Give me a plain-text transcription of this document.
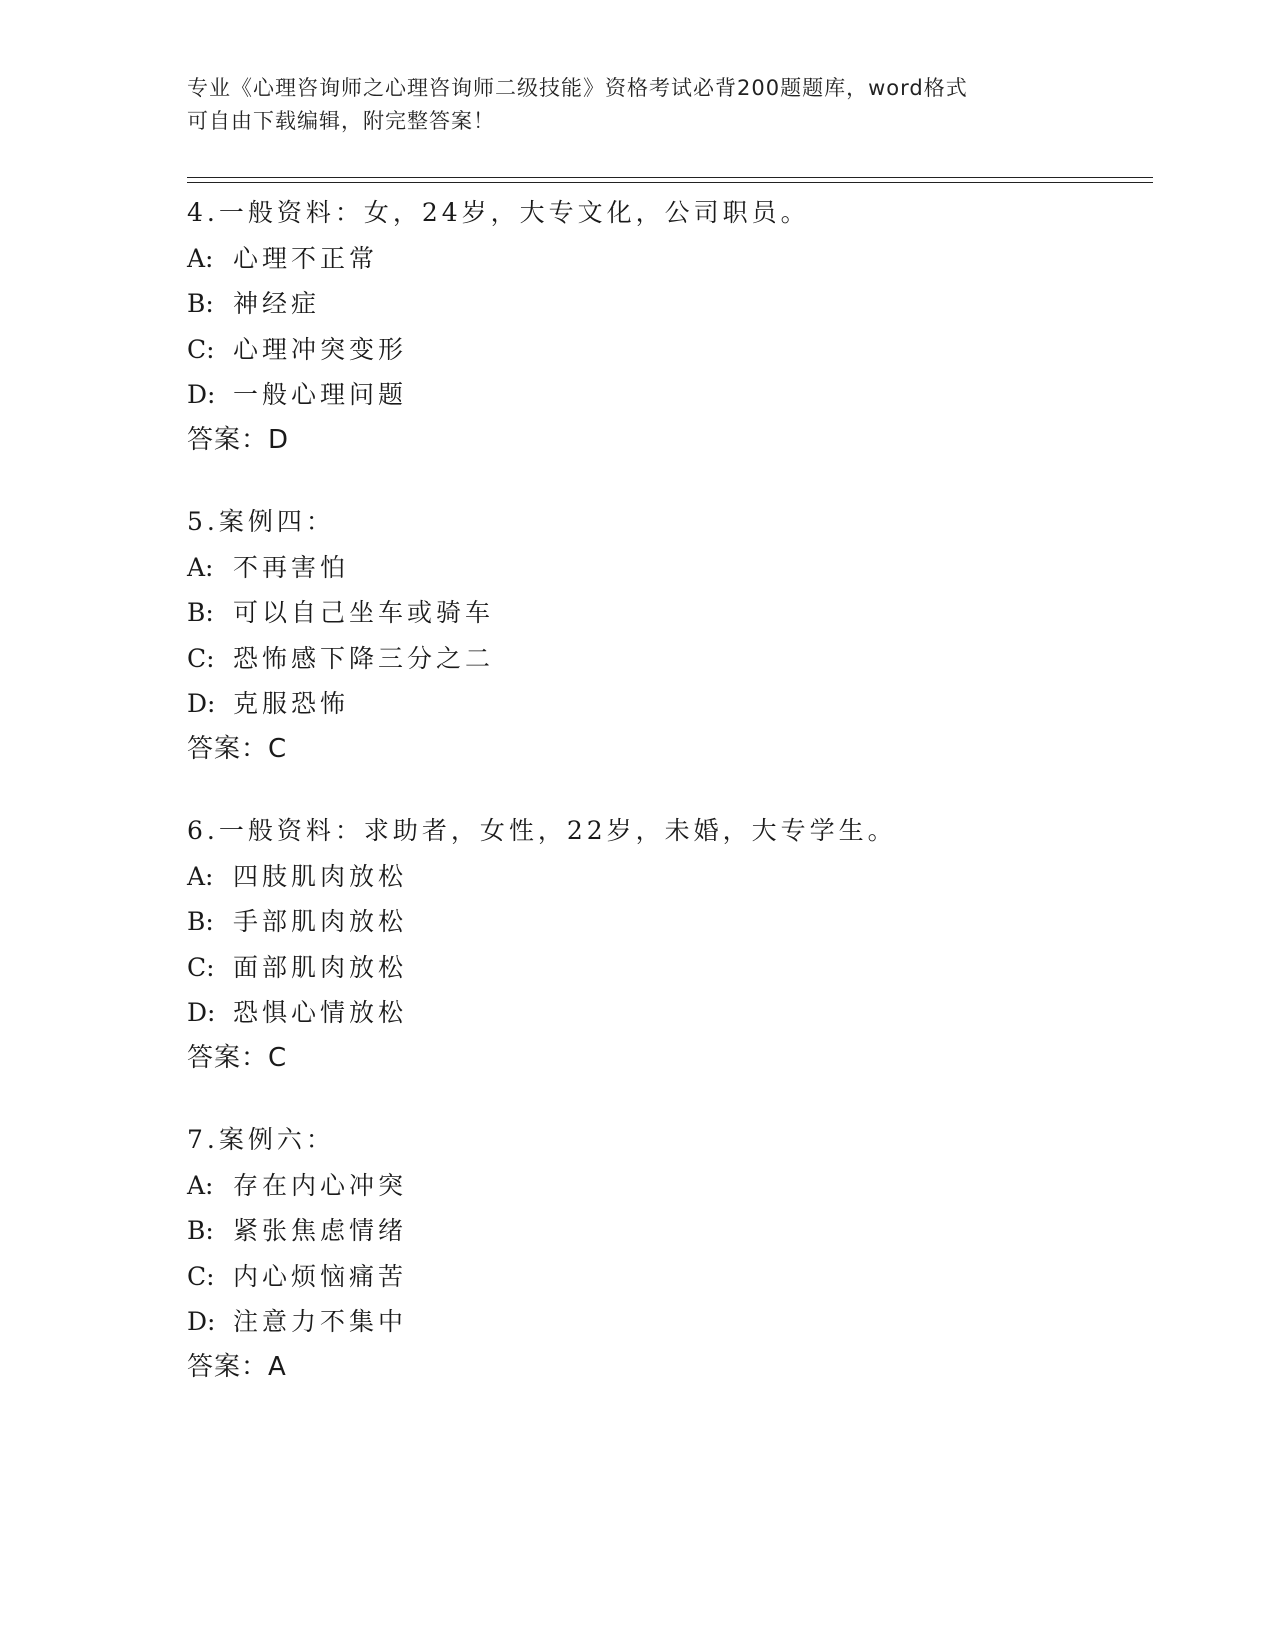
专业《心理咨询师之心理咨询师二级技能》资格考试必背200题题库，word格式
可自由下载编辑，附完整答案！
4.一般资料：女，24岁，大专文化，公司职员。
A: 心理不正常
B: 神经症
C: 心理冲突变形
D: 一般心理问题
答案：D
5.案例四：
A: 不再害怕
B: 可以自己坐车或骑车
C: 恐怖感下降三分之二
D: 克服恐怖
答案：C
6.一般资料：求助者，女性，22岁，未婚，大专学生。
A: 四肢肌肉放松
B: 手部肌肉放松
C: 面部肌肉放松
D: 恐惧心情放松
答案：C
7.案例六：
A: 存在内心冲突
B: 紧张焦虑情绪
C: 内心烦恼痛苦
D: 注意力不集中
答案：A
